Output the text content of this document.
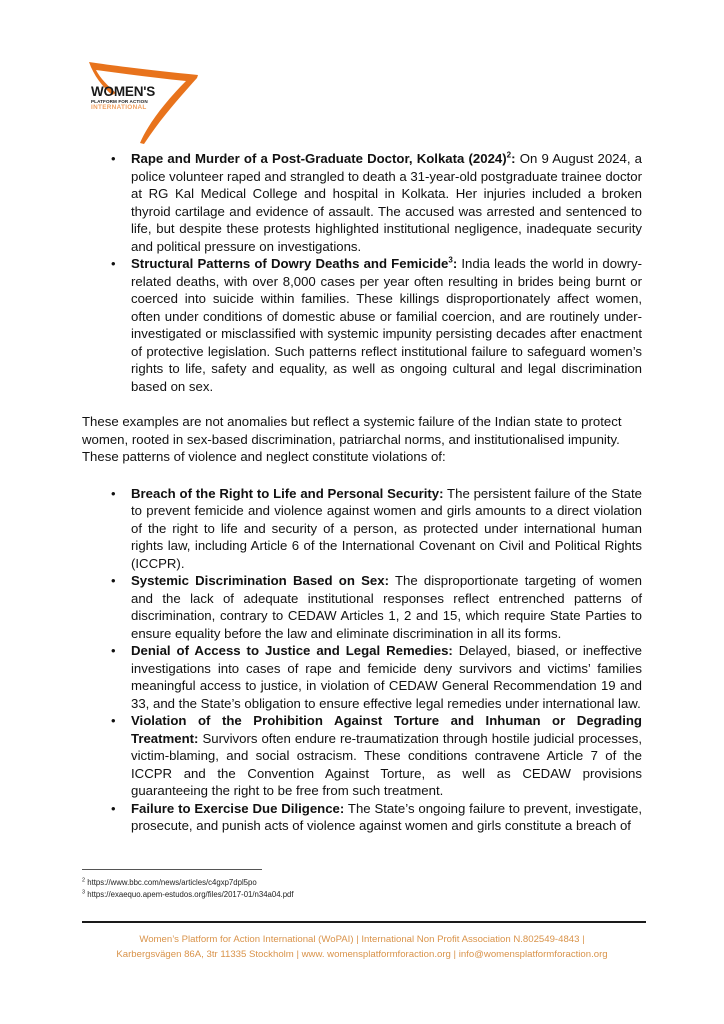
WOMEN'S
PLATFORM FOR ACTION
INTERNATIONAL
• Rape and Murder of a Post-Graduate Doctor, Kolkata (2024)$^2$: On 9 August 2024, a police volunteer raped and strangled to death a 31-year-old postgraduate trainee doctor at RG Kal Medical College and hospital in Kolkata. Her injuries included a broken thyroid cartilage and evidence of assault. The accused was arrested and sentenced to life, but despite these protests highlighted institutional negligence, inadequate security and political pressure on investigations.
• Structural Patterns of Dowry Deaths and Femicide$^3$: India leads the world in dowry-related deaths, with over 8,000 cases per year often resulting in brides being burnt or coerced into suicide within families. These killings disproportionately affect women, often under conditions of domestic abuse or familial coercion, and are routinely under-investigated or misclassified with systemic impunity persisting decades after enactment of protective legislation. Such patterns reflect institutional failure to safeguard women’s rights to life, safety and equality, as well as ongoing cultural and legal discrimination based on sex.

These examples are not anomalies but reflect a systemic failure of the Indian state to protect women, rooted in sex-based discrimination, patriarchal norms, and institutionalised impunity. These patterns of violence and neglect constitute violations of:

• Breach of the Right to Life and Personal Security: The persistent failure of the State to prevent femicide and violence against women and girls amounts to a direct violation of the right to life and security of a person, as protected under international human rights law, including Article 6 of the International Covenant on Civil and Political Rights (ICCPR).
• Systemic Discrimination Based on Sex: The disproportionate targeting of women and the lack of adequate institutional responses reflect entrenched patterns of discrimination, contrary to CEDAW Articles 1, 2 and 15, which require State Parties to ensure equality before the law and eliminate discrimination in all its forms.
• Denial of Access to Justice and Legal Remedies: Delayed, biased, or ineffective investigations into cases of rape and femicide deny survivors and victims’ families meaningful access to justice, in violation of CEDAW General Recommendation 19 and 33, and the State’s obligation to ensure effective legal remedies under international law.
• Violation of the Prohibition Against Torture and Inhuman or Degrading Treatment: Survivors often endure re-traumatization through hostile judicial processes, victim-blaming, and social ostracism. These conditions contravene Article 7 of the ICCPR and the Convention Against Torture, as well as CEDAW provisions guaranteeing the right to be free from such treatment.
• Failure to Exercise Due Diligence: The State’s ongoing failure to prevent, investigate, prosecute, and punish acts of violence against women and girls constitute a breach of
$^2$ https://www.bbc.com/news/articles/c4gxp7dpl5po
$^3$ https://exaequo.apem-estudos.org/files/2017-01/n34a04.pdf
Women’s Platform for Action International (WoPAI) | International Non Profit Association N.802549-4843 |
Karbergsvägen 86A, 3tr 11335 Stockholm | www. womensplatformforaction.org | info@womensplatformforaction.org
